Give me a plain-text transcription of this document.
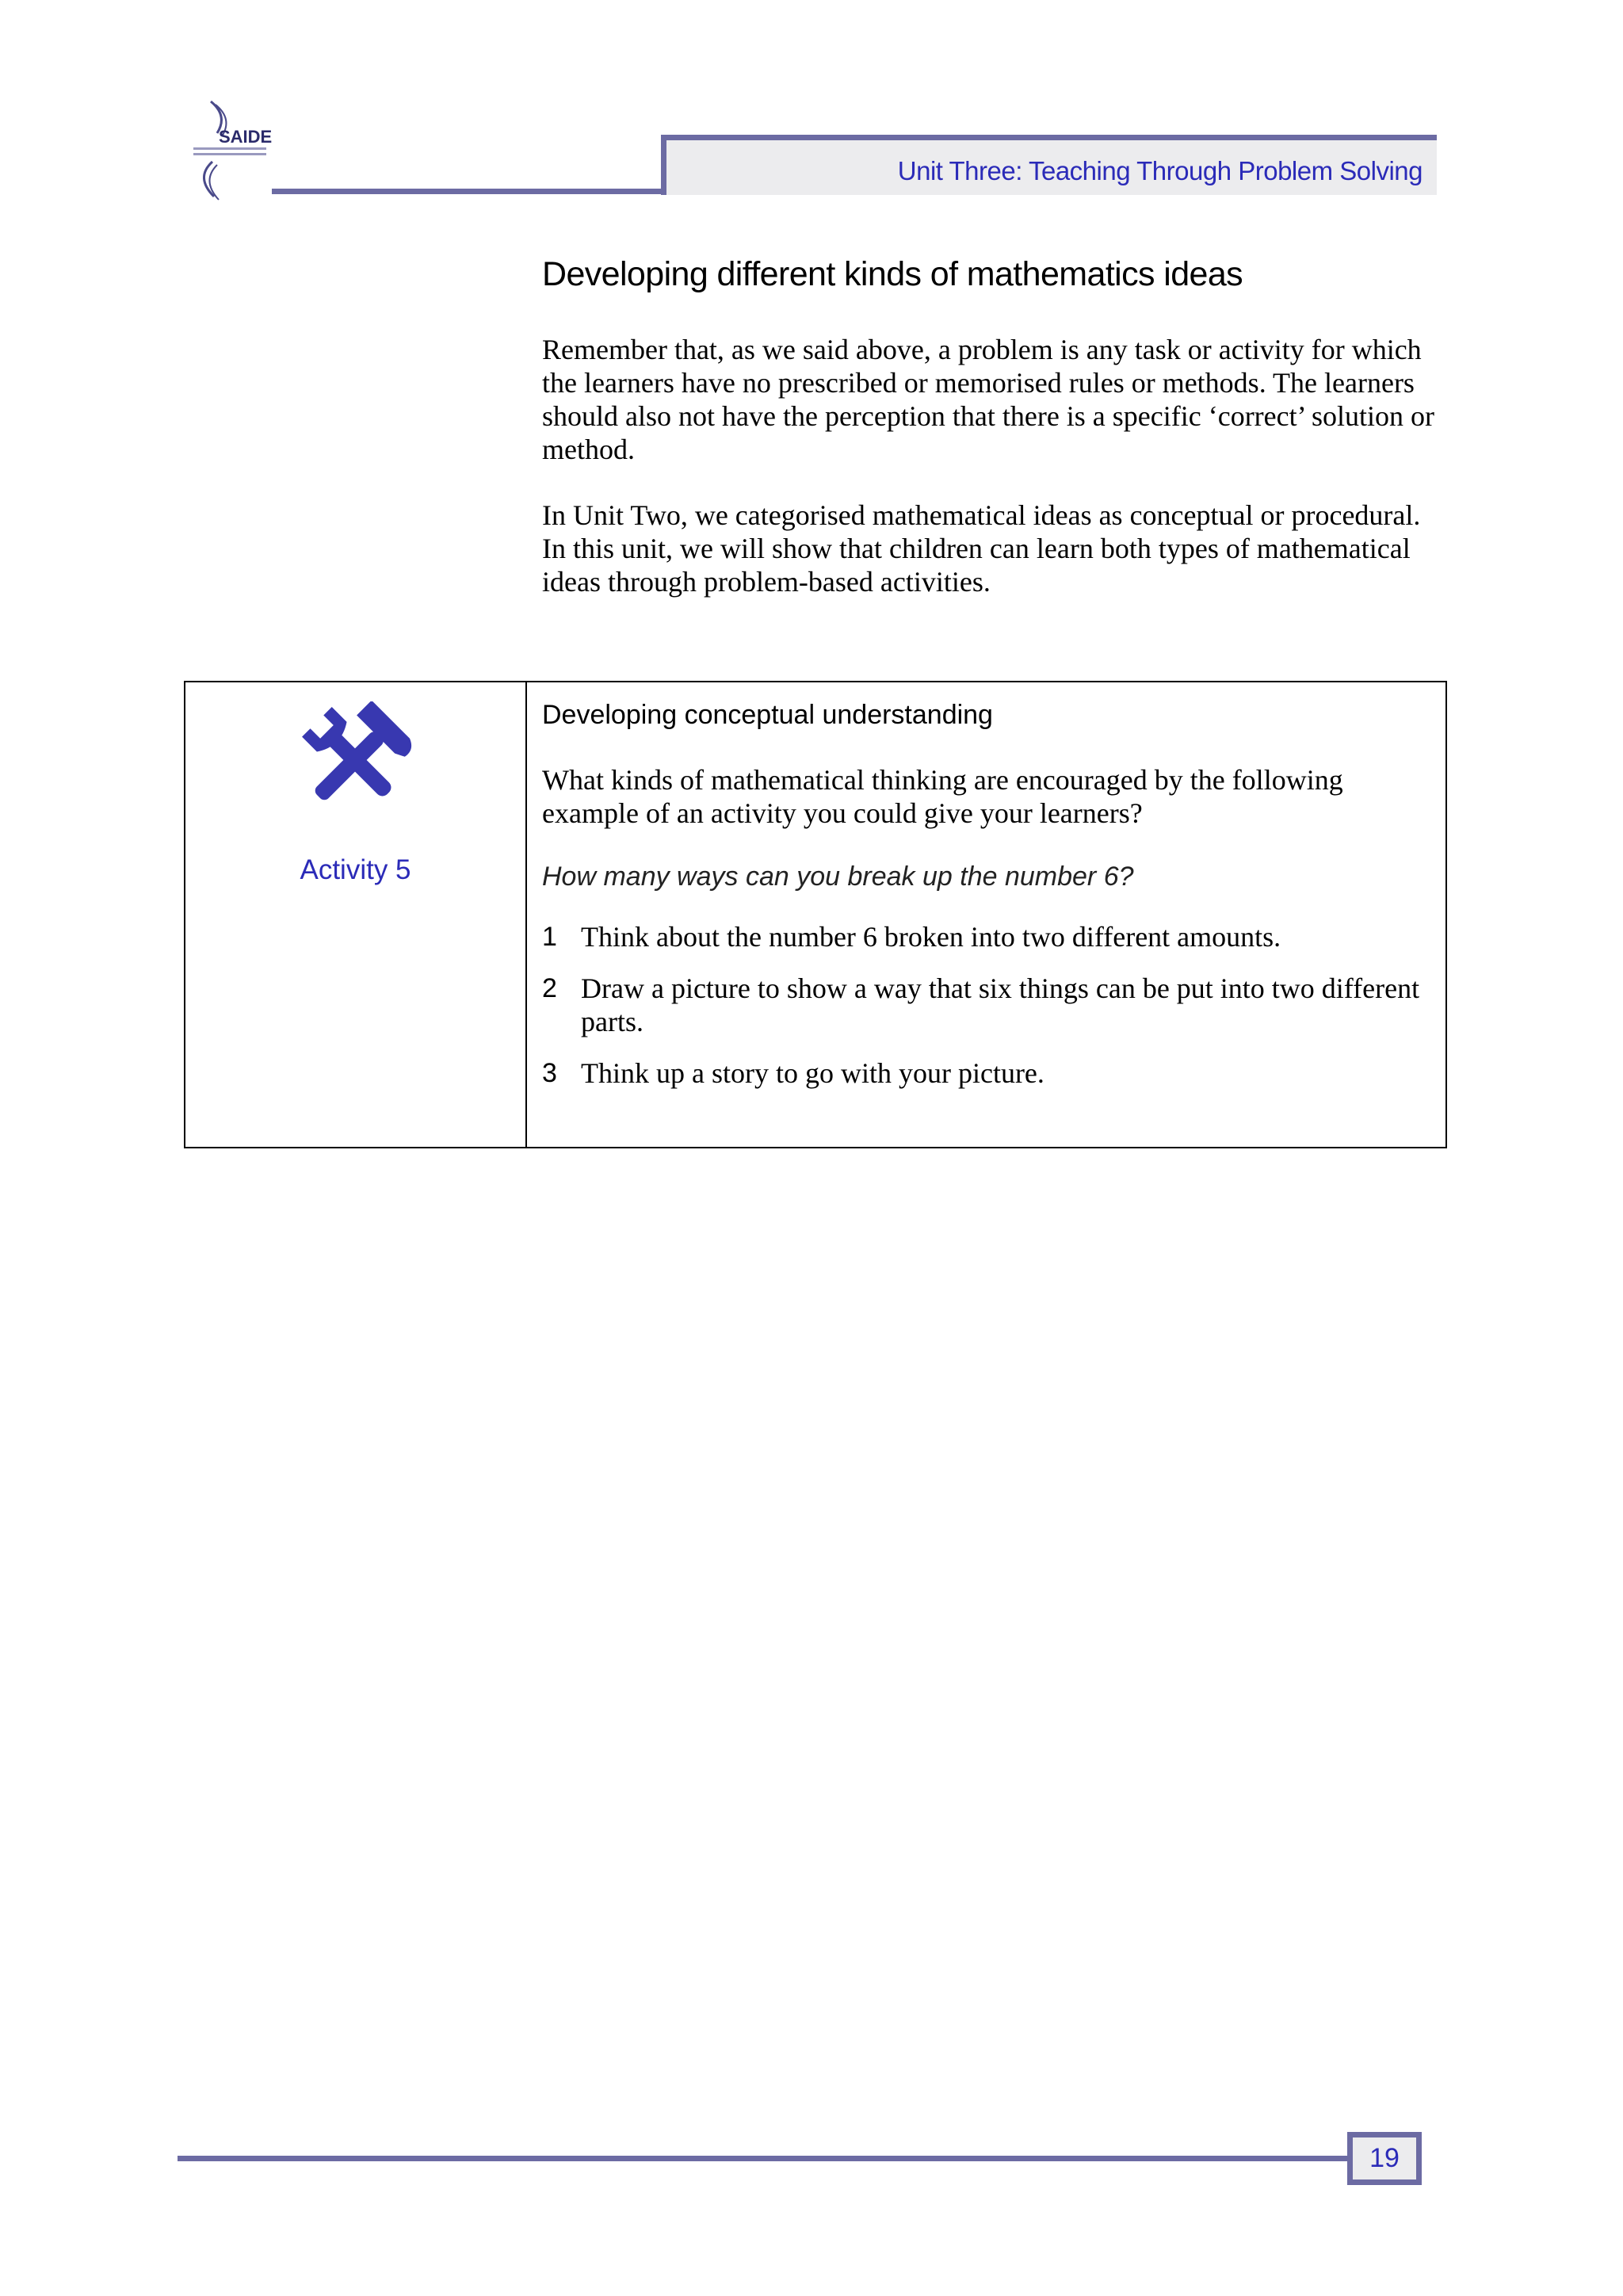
SAIDE
Unit Three: Teaching Through Problem Solving
Developing different kinds of mathematics ideas

Remember that, as we said above, a problem is any task or activity for which the learners have no prescribed or memorised rules or methods. The learners should also not have the perception that there is a specific ‘correct’ solution or method.

In Unit Two, we categorised mathematical ideas as conceptual or procedural. In this unit, we will show that children can learn both types of mathematical ideas through problem-based activities.

Activity 5
Developing conceptual understanding

What kinds of mathematical thinking are encouraged by the following example of an activity you could give your learners?

How many ways can you break up the number 6?
1 Think about the number 6 broken into two different amounts.
2 Draw a picture to show a way that six things can be put into two different parts.
3 Think up a story to go with your picture.
19
